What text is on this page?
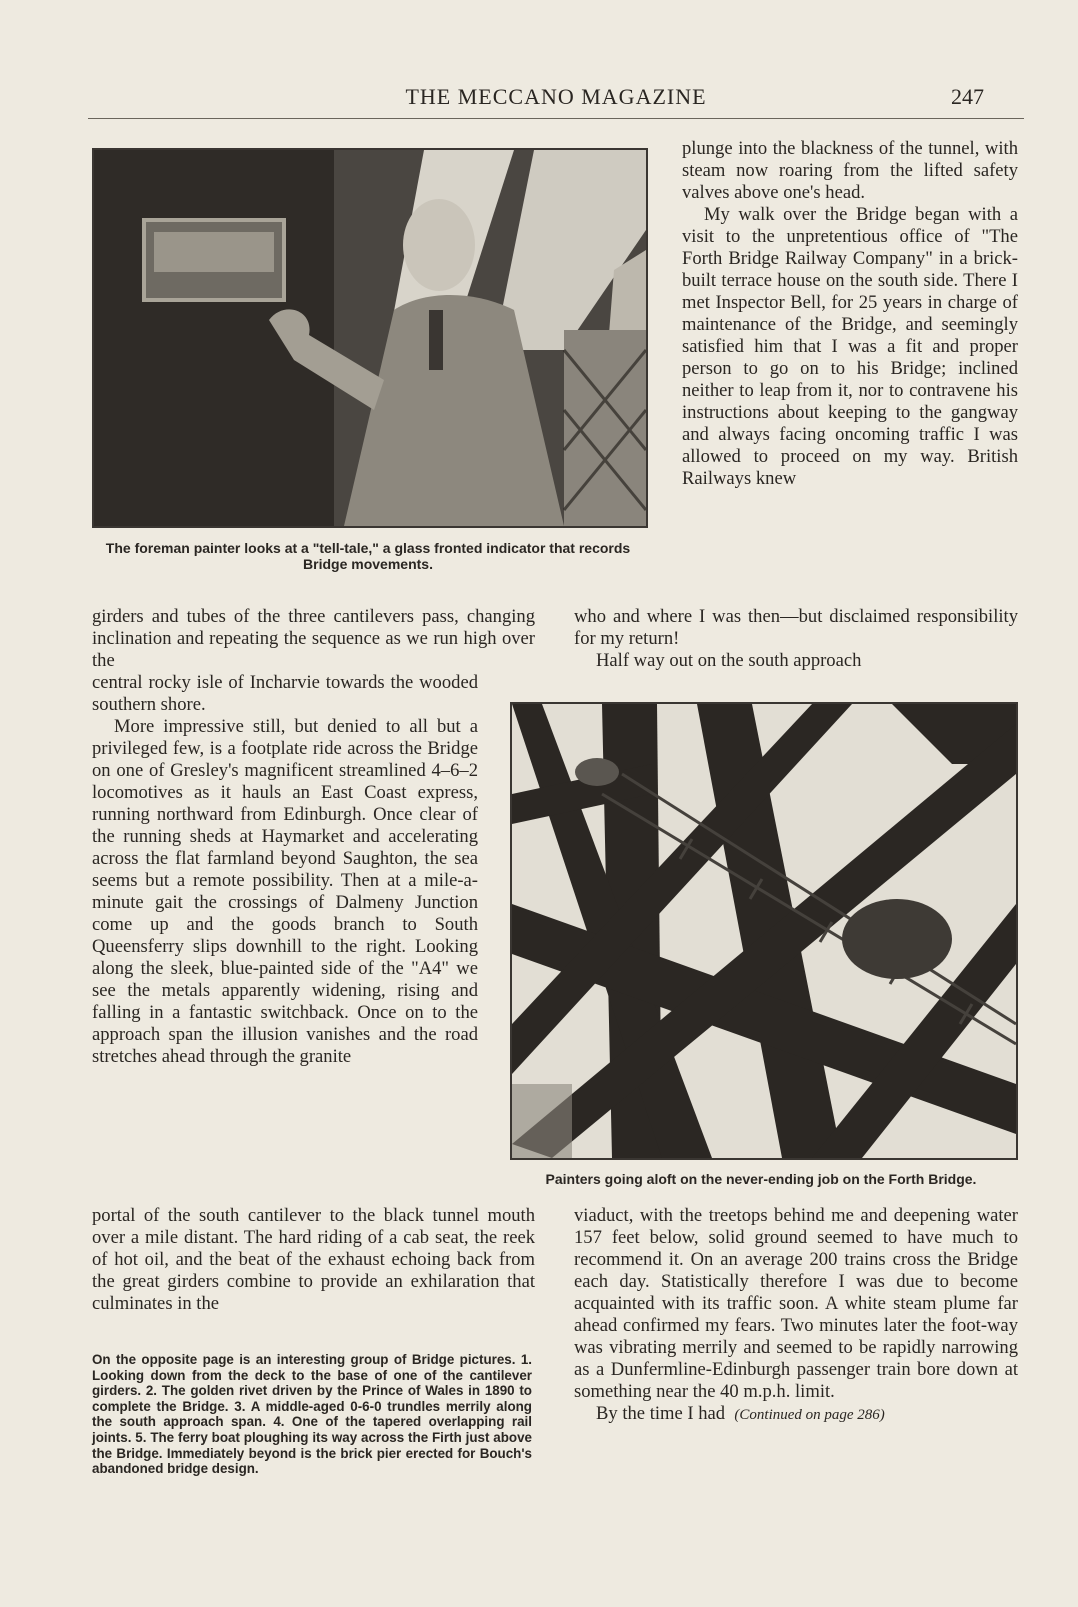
THE MECCANO MAGAZINE	247
The foreman painter looks at a "tell-tale," a glass fronted indicator that records Bridge movements.

plunge into the blackness of the tunnel, with steam now roaring from the lifted safety valves above one's head.

My walk over the Bridge began with a visit to the unpretentious office of "The Forth Bridge Railway Company" in a brick-built terrace house on the south side. There I met Inspector Bell, for 25 years in charge of maintenance of the Bridge, and seemingly satisfied him that I was a fit and proper person to go on to his Bridge; inclined neither to leap from it, nor to contravene his instructions about keeping to the gangway and always facing oncoming traffic I was allowed to proceed on my way. British Railways knew

who and where I was then—but disclaimed responsibility for my return!

Half way out on the south approach

girders and tubes of the three cantilevers pass, changing inclination and repeating the sequence as we run high over the

central rocky isle of Incharvie towards the wooded southern shore.

More impressive still, but denied to all but a privileged few, is a footplate ride across the Bridge on one of Gresley's magnificent streamlined 4–6–2 locomotives as it hauls an East Coast express, running northward from Edinburgh. Once clear of the running sheds at Haymarket and accelerating across the flat farmland beyond Saughton, the sea seems but a remote possibility. Then at a mile-a-minute gait the crossings of Dalmeny Junction come up and the goods branch to South Queensferry slips downhill to the right. Looking along the sleek, blue-painted side of the "A4" we see the metals apparently widening, rising and falling in a fantastic switchback. Once on to the approach span the illusion vanishes and the road stretches ahead through the granite

Painters going aloft on the never-ending job on the Forth Bridge.

portal of the south cantilever to the black tunnel mouth over a mile distant. The hard riding of a cab seat, the reek of hot oil, and the beat of the exhaust echoing back from the great girders combine to provide an exhilaration that culminates in the

On the opposite page is an interesting group of Bridge pictures. 1. Looking down from the deck to the base of one of the cantilever girders. 2. The golden rivet driven by the Prince of Wales in 1890 to complete the Bridge. 3. A middle-aged 0-6-0 trundles merrily along the south approach span. 4. One of the tapered overlapping rail joints. 5. The ferry boat ploughing its way across the Firth just above the Bridge. Immediately beyond is the brick pier erected for Bouch's abandoned bridge design.

viaduct, with the treetops behind me and deepening water 157 feet below, solid ground seemed to have much to recommend it. On an average 200 trains cross the Bridge each day. Statistically therefore I was due to become acquainted with its traffic soon. A white steam plume far ahead confirmed my fears. Two minutes later the foot-way was vibrating merrily and seemed to be rapidly narrowing as a Dunfermline-Edinburgh passenger train bore down at something near the 40 m.p.h. limit.

By the time I had (Continued on page 286)
